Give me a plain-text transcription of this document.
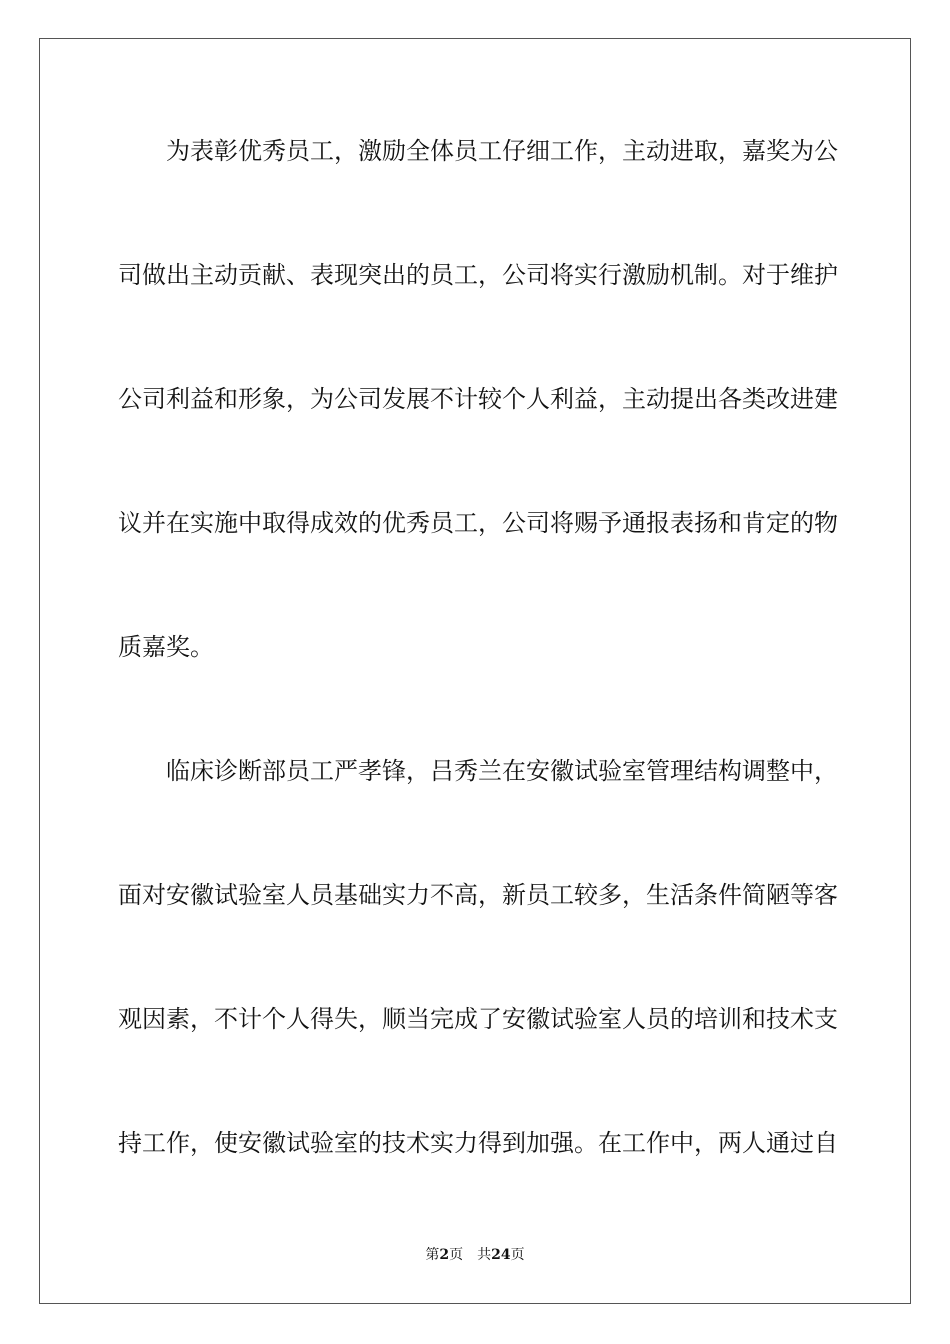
为表彰优秀员工，激励全体员工仔细工作，主动进取，嘉奖为公
司做出主动贡献、表现突出的员工，公司将实行激励机制。对于维护
公司利益和形象，为公司发展不计较个人利益，主动提出各类改进建
议并在实施中取得成效的优秀员工，公司将赐予通报表扬和肯定的物
质嘉奖。
临床诊断部员工严孝锋，吕秀兰在安徽试验室管理结构调整中，
面对安徽试验室人员基础实力不高，新员工较多，生活条件简陋等客
观因素，不计个人得失，顺当完成了安徽试验室人员的培训和技术支
持工作，使安徽试验室的技术实力得到加强。在工作中，两人通过自
第2页 共24页
